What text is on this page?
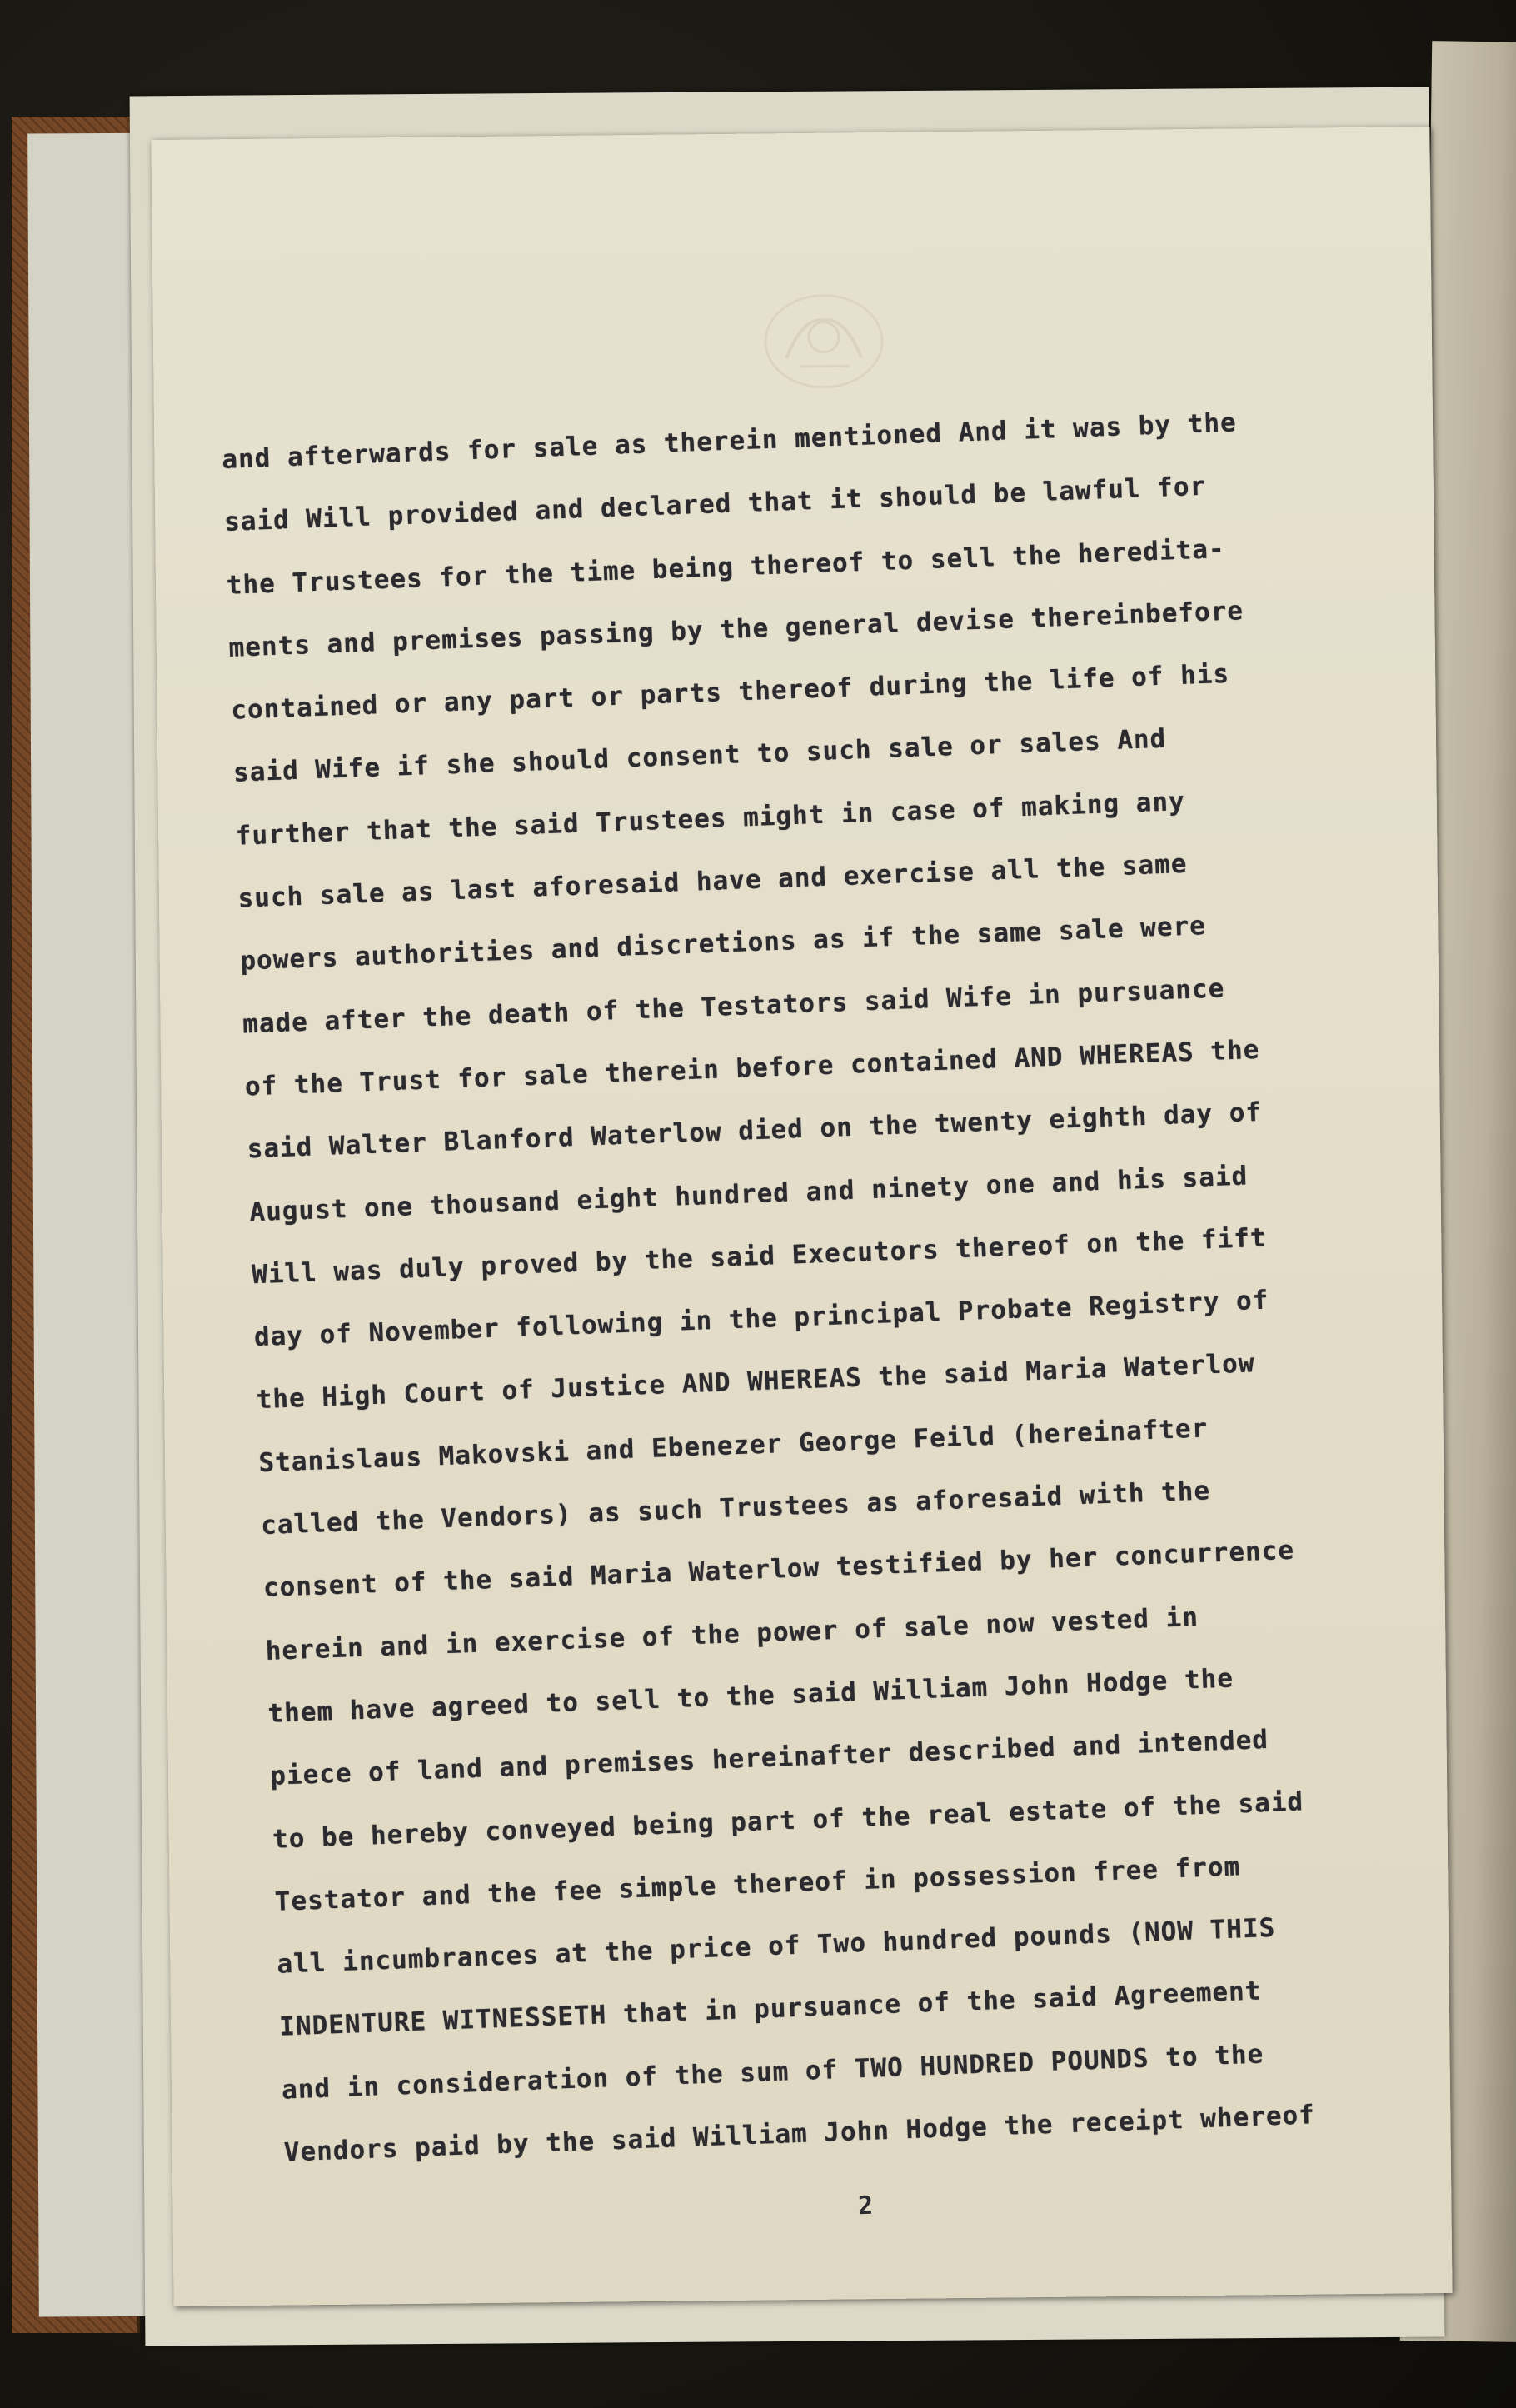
and afterwards for sale as therein mentioned And it was by the
said Will provided and declared that it should be lawful for
the Trustees for the time being thereof to sell the heredita-
ments and premises passing by the general devise thereinbefore
contained or any part or parts thereof during the life of his
said Wife if she should consent to such sale or sales And
further that the said Trustees might in case of making any
such sale as last aforesaid have and exercise all the same
powers authorities and discretions as if the same sale were
made after the death of the Testators said Wife in pursuance
of the Trust for sale therein before contained AND WHEREAS the
said Walter Blanford Waterlow died on the twenty eighth day of
August one thousand eight hundred and ninety one and his said
Will was duly proved by the said Executors thereof on the fift
day of November following in the principal Probate Registry of
the High Court of Justice AND WHEREAS the said Maria Waterlow
Stanislaus Makovski and Ebenezer George Feild (hereinafter
called the Vendors) as such Trustees as aforesaid with the
consent of the said Maria Waterlow testified by her concurrence
herein and in exercise of the power of sale now vested in
them have agreed to sell to the said William John Hodge the
piece of land and premises hereinafter described and intended
to be hereby conveyed being part of the real estate of the said
Testator and the fee simple thereof in possession free from
all incumbrances at the price of Two hundred pounds (NOW THIS
INDENTURE WITNESSETH that in pursuance of the said Agreement
and in consideration of the sum of TWO HUNDRED POUNDS to the
Vendors paid by the said William John Hodge the receipt whereof
2
